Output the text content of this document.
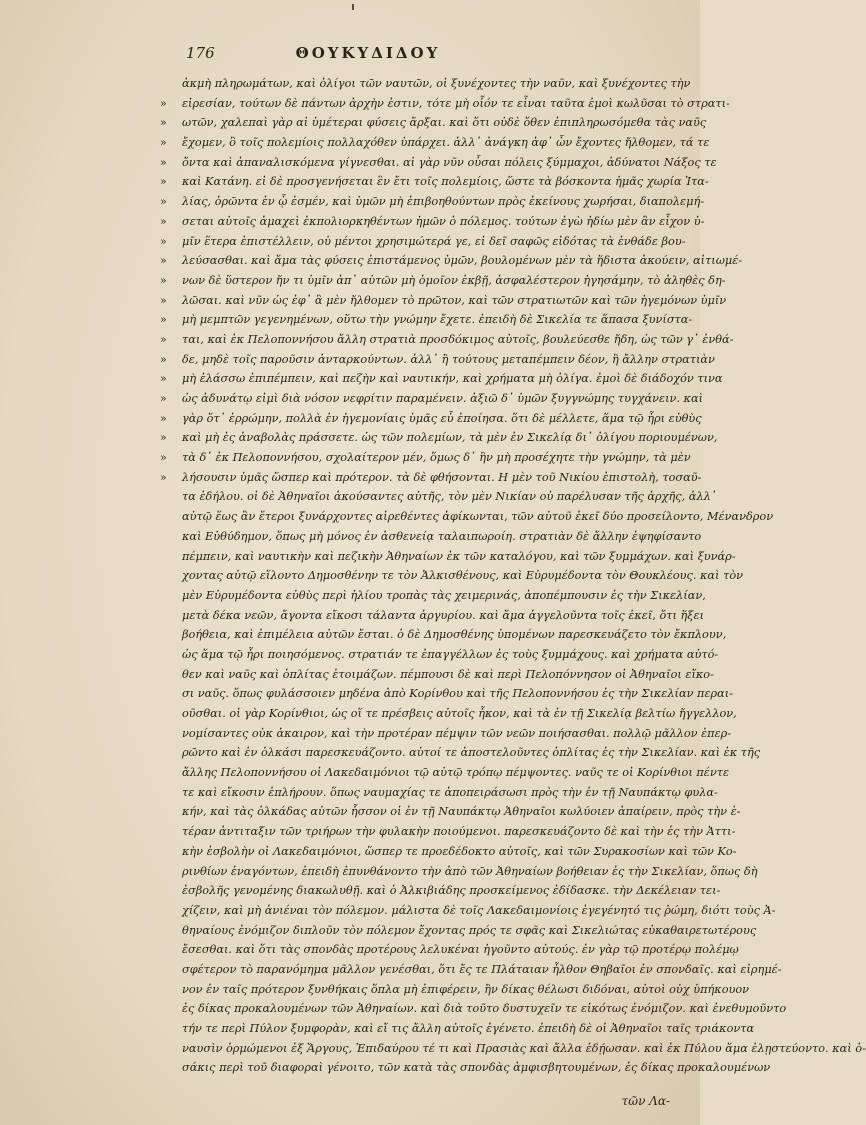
176	ΘΟΥΚΥΔΙΔΟΥ
ἀκμὴ πληρωμάτων, καὶ ὀλίγοι τῶν ναυτῶν, οἱ ξυνέχοντες τὴν ναῦν, καὶ ξυνέχοντες τὴν
»	εἰρεσίαν, τούτων δὲ πάντων ἀρχὴν ἐστιν, τότε μὴ οἷόν τε εἶναι ταῦτα ἐμοὶ κωλῦσαι τὸ στρατι-
»	ωτῶν, χαλεπαὶ γὰρ αἱ ὑμέτεραι φύσεις ἄρξαι. καὶ ὅτι οὐδὲ ὅθεν ἐπιπληρωσόμεθα τὰς ναῦς
»	ἔχομεν, ὃ τοῖς πολεμίοις πολλαχόθεν ὑπάρχει. ἀλλ᾽ ἀνάγκη ἀφ᾽ ὧν ἔχοντες ἤλθομεν, τά τε
»	ὄντα καὶ ἀπαναλισκόμενα γίγνεσθαι. αἱ γὰρ νῦν οὖσαι πόλεις ξύμμαχοι, ἀδύνατοι Νάξος τε
»	καὶ Κατάνη. εἰ δὲ προσγενήσεται ἓν ἔτι τοῖς πολεμίοις, ὥστε τὰ βόσκοντα ἡμᾶς χωρία Ἰτα-
»	λίας, ὁρῶντα ἐν ᾧ ἐσμέν, καὶ ὑμῶν μὴ ἐπιβοηθούντων πρὸς ἐκείνους χωρήσαι, διαπολεμή-
»	σεται αὐτοῖς ἀμαχεὶ ἐκπολιορκηθέντων ἡμῶν ὁ πόλεμος. τούτων ἐγὼ ἡδίω μὲν ἂν εἶχον ὑ-
»	μῖν ἕτερα ἐπιστέλλειν, οὐ μέντοι χρησιμώτερά γε, εἰ δεῖ σαφῶς εἰδότας τὰ ἐνθάδε βου-
»	λεύσασθαι. καὶ ἅμα τὰς φύσεις ἐπιστάμενος ὑμῶν, βουλομένων μὲν τὰ ἥδιστα ἀκούειν, αἰτιωμέ-
»	νων δὲ ὕστερον ἤν τι ὑμῖν ἀπ᾽ αὐτῶν μὴ ὁμοῖον ἐκβῇ, ἀσφαλέστερον ἡγησάμην, τὸ ἀληθὲς δη-
»	λῶσαι. καὶ νῦν ὡς ἐφ᾽ ἃ μὲν ἤλθομεν τὸ πρῶτον, καὶ τῶν στρατιωτῶν καὶ τῶν ἡγεμόνων ὑμῖν
»	μὴ μεμπτῶν γεγενημένων, οὕτω τὴν γνώμην ἔχετε. ἐπειδὴ δὲ Σικελία τε ἅπασα ξυνίστα-
»	ται, καὶ ἐκ Πελοποννήσου ἄλλη στρατιὰ προσδόκιμος αὐτοῖς, βουλεύεσθε ἤδη, ὡς τῶν γ᾽ ἐνθά-
»	δε, μηδὲ τοῖς παροῦσιν ἀνταρκούντων. ἀλλ᾽ ἢ τούτους μεταπέμπειν δέον, ἢ ἄλλην στρατιὰν
»	μὴ ἐλάσσω ἐπιπέμπειν, καὶ πεζὴν καὶ ναυτικήν, καὶ χρήματα μὴ ὀλίγα. ἐμοὶ δὲ διάδοχόν τινα
»	ὡς ἀδυνάτῳ εἰμὶ διὰ νόσον νεφρίτιν παραμένειν. ἀξιῶ δ᾽ ὑμῶν ξυγγνώμης τυγχάνειν. καὶ
»	γὰρ ὅτ᾽ ἐρρώμην, πολλὰ ἐν ἡγεμονίαις ὑμᾶς εὖ ἐποίησα. ὅτι δὲ μέλλετε, ἅμα τῷ ἦρι εὐθὺς
»	καὶ μὴ ἐς ἀναβολὰς πράσσετε. ὡς τῶν πολεμίων, τὰ μὲν ἐν Σικελίᾳ δι᾽ ὀλίγου ποριουμένων,
»	τὰ δ᾽ ἐκ Πελοποννήσου, σχολαίτερον μέν, ὅμως δ᾽ ἢν μὴ προσέχητε τὴν γνώμην, τὰ μὲν
»	λήσουσιν ὑμᾶς ὥσπερ καὶ πρότερον. τὰ δὲ φθήσονται. Η μὲν τοῦ Νικίου ἐπιστολὴ, τοσαῦ-
τα ἐδήλου. οἱ δὲ Ἀθηναῖοι ἀκούσαντες αὐτῆς, τὸν μὲν Νικίαν οὐ παρέλυσαν τῆς ἀρχῆς, ἀλλ᾽
αὐτῷ ἕως ἂν ἕτεροι ξυνάρχοντες αἱρεθέντες ἀφίκωνται, τῶν αὐτοῦ ἐκεῖ δύο προσείλοντο, Μένανδρον
καὶ Εὐθύδημον, ὅπως μὴ μόνος ἐν ἀσθενείᾳ ταλαιπωροίη. στρατιὰν δὲ ἄλλην ἐψηφίσαντο
πέμπειν, καὶ ναυτικὴν καὶ πεζικὴν Ἀθηναίων ἐκ τῶν καταλόγου, καὶ τῶν ξυμμάχων. καὶ ξυνάρ-
χοντας αὐτῷ εἵλοντο Δημοσθένην τε τὸν Ἀλκισθένους, καὶ Εὐρυμέδοντα τὸν Θουκλέους. καὶ τὸν
μὲν Εὐρυμέδοντα εὐθὺς περὶ ἡλίου τροπὰς τὰς χειμερινάς, ἀποπέμπουσιν ἐς τὴν Σικελίαν,
μετὰ δέκα νεῶν, ἄγοντα εἴκοσι τάλαντα ἀργυρίου. καὶ ἅμα ἀγγελοῦντα τοῖς ἐκεῖ, ὅτι ἥξει
βοήθεια, καὶ ἐπιμέλεια αὐτῶν ἔσται. ὁ δὲ Δημοσθένης ὑπομένων παρεσκευάζετο τὸν ἔκπλουν,
ὡς ἅμα τῷ ἦρι ποιησόμενος. στρατιάν τε ἐπαγγέλλων ἐς τοὺς ξυμμάχους. καὶ χρήματα αὐτό-
θεν καὶ ναῦς καὶ ὁπλίτας ἑτοιμάζων. πέμπουσι δὲ καὶ περὶ Πελοπόννησον οἱ Ἀθηναῖοι εἴκο-
σι ναῦς. ὅπως φυλάσσοιεν μηδένα ἀπὸ Κορίνθου καὶ τῆς Πελοποννήσου ἐς τὴν Σικελίαν περαι-
οῦσθαι. οἱ γὰρ Κορίνθιοι, ὡς οἵ τε πρέσβεις αὐτοῖς ἧκον, καὶ τὰ ἐν τῇ Σικελίᾳ βελτίω ἤγγελλον,
νομίσαντες οὐκ ἀκαιρον, καὶ τὴν προτέραν πέμψιν τῶν νεῶν ποιήσασθαι. πολλῷ μᾶλλον ἐπερ-
ρῶντο καὶ ἐν ὁλκάσι παρεσκευάζοντο. αὐτοί τε ἀποστελοῦντες ὁπλίτας ἐς τὴν Σικελίαν. καὶ ἐκ τῆς
ἄλλης Πελοποννήσου οἱ Λακεδαιμόνιοι τῷ αὐτῷ τρόπῳ πέμψοντες. ναῦς τε οἱ Κορίνθιοι πέντε
τε καὶ εἴκοσιν ἐπλήρουν. ὅπως ναυμαχίας τε ἀποπειράσωσι πρὸς τὴν ἐν τῇ Ναυπάκτῳ φυλα-
κήν, καὶ τὰς ὁλκάδας αὐτῶν ἧσσον οἱ ἐν τῇ Ναυπάκτῳ Ἀθηναῖοι κωλύοιεν ἀπαίρειν, πρὸς τὴν ἑ-
τέραν ἀντιταξιν τῶν τριήρων τὴν φυλακὴν ποιούμενοι. παρεσκευάζοντο δὲ καὶ τὴν ἐς τὴν Ἀττι-
κὴν ἐσβολὴν οἱ Λακεδαιμόνιοι, ὥσπερ τε προεδέδοκτο αὐτοῖς, καὶ τῶν Συρακοσίων καὶ τῶν Κο-
ρινθίων ἐναγόντων, ἐπειδὴ ἐπυνθάνοντο τὴν ἀπὸ τῶν Ἀθηναίων βοήθειαν ἐς τὴν Σικελίαν, ὅπως δὴ
ἐσβολῆς γενομένης διακωλυθῇ. καὶ ὁ Ἀλκιβιάδης προσκείμενος ἐδίδασκε. τὴν Δεκέλειαν τει-
χίζειν, καὶ μὴ ἀνιέναι τὸν πόλεμον. μάλιστα δὲ τοῖς Λακεδαιμονίοις ἐγεγένητό τις ῥώμη, διότι τοὺς Ἀ-
θηναίους ἐνόμιζον διπλοῦν τὸν πόλεμον ἔχοντας πρός τε σφᾶς καὶ Σικελιώτας εὐκαθαιρετωτέρους
ἔσεσθαι. καὶ ὅτι τὰς σπονδὰς προτέρους λελυκέναι ἡγοῦντο αὐτούς. ἐν γὰρ τῷ προτέρῳ πολέμῳ
σφέτερον τὸ παρανόμημα μᾶλλον γενέσθαι, ὅτι ἔς τε Πλάταιαν ἦλθον Θηβαῖοι ἐν σπονδαῖς. καὶ εἰρημέ-
νον ἐν ταῖς πρότερον ξυνθήκαις ὅπλα μὴ ἐπιφέρειν, ἢν δίκας θέλωσι διδόναι, αὐτοὶ οὐχ ὑπήκουον
ἐς δίκας προκαλουμένων τῶν Ἀθηναίων. καὶ διὰ τοῦτο δυστυχεῖν τε εἰκότως ἐνόμιζον. καὶ ἐνεθυμοῦντο
τήν τε περὶ Πύλον ξυμφορὰν, καὶ εἴ τις ἄλλη αὐτοῖς ἐγένετο. ἐπειδὴ δὲ οἱ Ἀθηναῖοι ταῖς τριάκοντα
ναυσὶν ὁρμώμενοι ἐξ Ἄργους, Ἐπιδαύρου τέ τι καὶ Πρασιὰς καὶ ἄλλα ἐδῄωσαν. καὶ ἐκ Πύλου ἅμα ἐλῃστεύοντο. καὶ ὁ-
σάκις περὶ τοῦ διαφοραὶ γένοιτο, τῶν κατὰ τὰς σπονδὰς ἀμφισβητουμένων, ἐς δίκας προκαλουμένων
τῶν Λα-
